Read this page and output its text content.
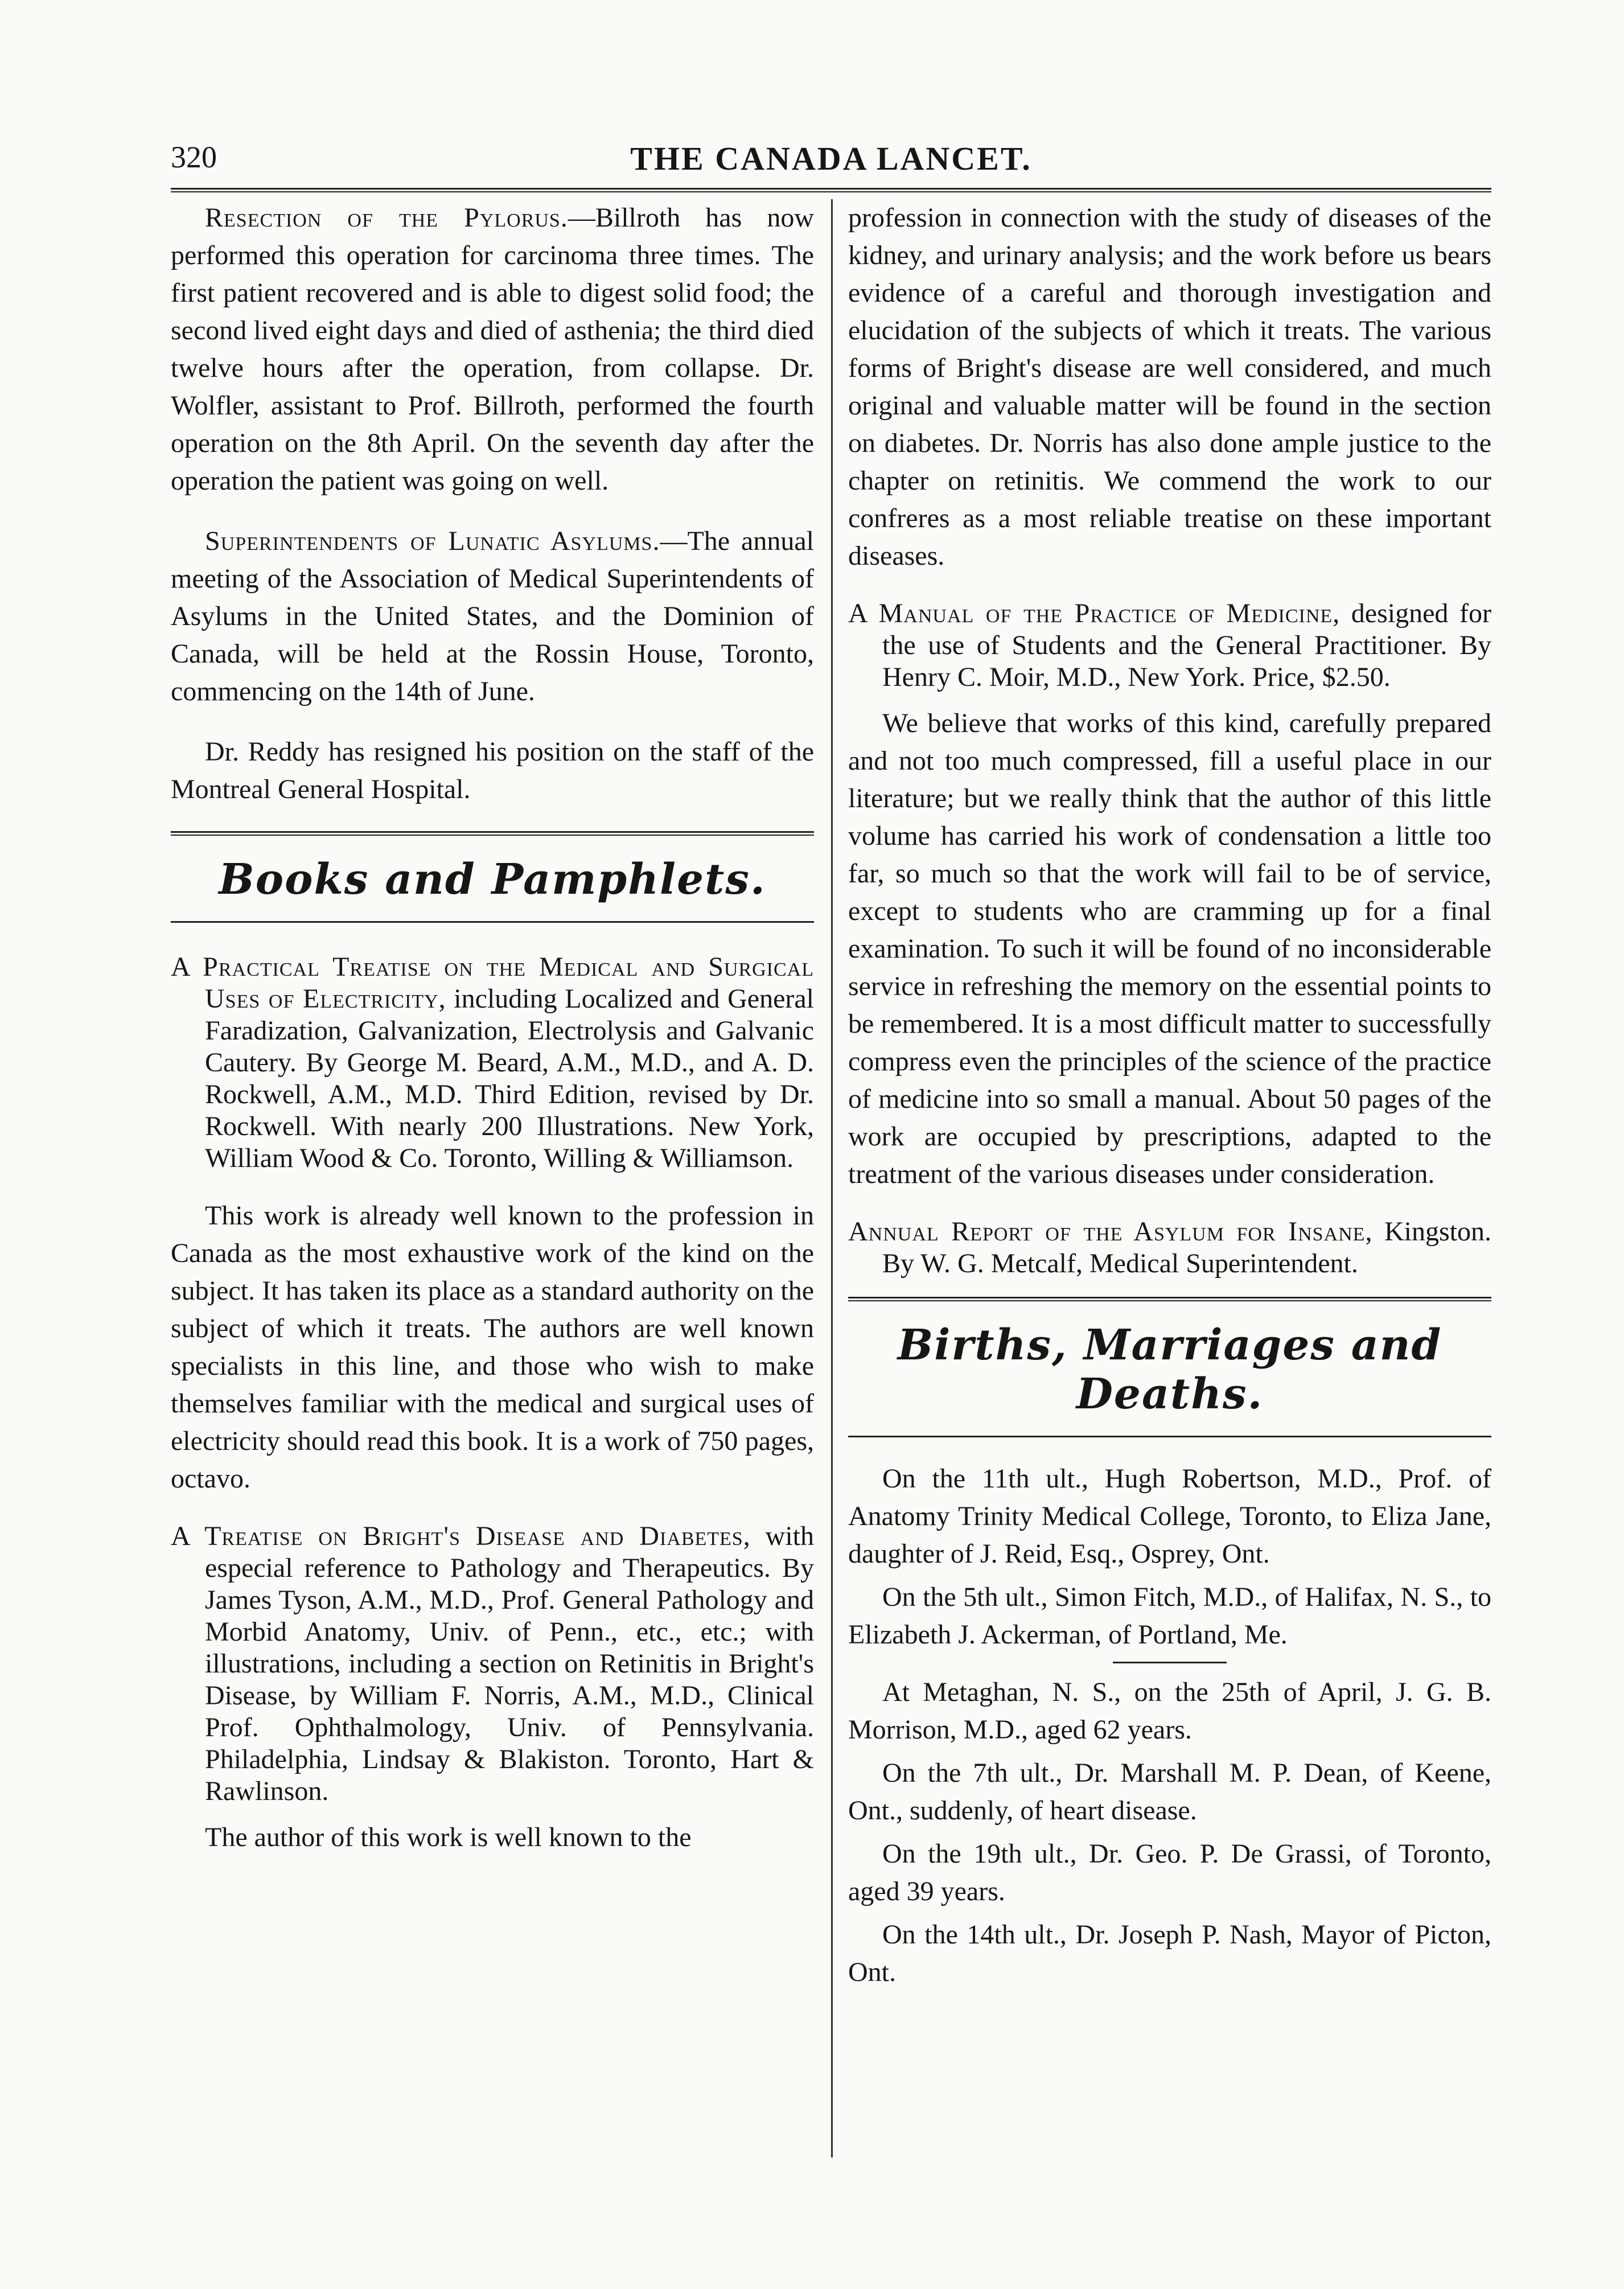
320	THE CANADA LANCET.

Resection of the Pylorus.—Billroth has now performed this operation for carcinoma three times. The first patient recovered and is able to digest solid food; the second lived eight days and died of asthenia; the third died twelve hours after the operation, from collapse. Dr. Wolfler, assistant to Prof. Billroth, performed the fourth operation on the 8th April. On the seventh day after the operation the patient was going on well.

Superintendents of Lunatic Asylums.—The annual meeting of the Association of Medical Superintendents of Asylums in the United States, and the Dominion of Canada, will be held at the Rossin House, Toronto, commencing on the 14th of June.

Dr. Reddy has resigned his position on the staff of the Montreal General Hospital.

Books and Pamphlets.

A Practical Treatise on the Medical and Surgical Uses of Electricity, including Localized and General Faradization, Galvanization, Electrolysis and Galvanic Cautery. By George M. Beard, A.M., M.D., and A. D. Rockwell, A.M., M.D. Third Edition, revised by Dr. Rockwell. With nearly 200 Illustrations. New York, William Wood & Co. Toronto, Willing & Williamson.

This work is already well known to the profession in Canada as the most exhaustive work of the kind on the subject. It has taken its place as a standard authority on the subject of which it treats. The authors are well known specialists in this line, and those who wish to make themselves familiar with the medical and surgical uses of electricity should read this book. It is a work of 750 pages, octavo.

A Treatise on Bright's Disease and Diabetes, with especial reference to Pathology and Therapeutics. By James Tyson, A.M., M.D., Prof. General Pathology and Morbid Anatomy, Univ. of Penn., etc., etc.; with illustrations, including a section on Retinitis in Bright's Disease, by William F. Norris, A.M., M.D., Clinical Prof. Ophthalmology, Univ. of Pennsylvania. Philadelphia, Lindsay & Blakiston. Toronto, Hart & Rawlinson.

The author of this work is well known to the

profession in connection with the study of diseases of the kidney, and urinary analysis; and the work before us bears evidence of a careful and thorough investigation and elucidation of the subjects of which it treats. The various forms of Bright's disease are well considered, and much original and valuable matter will be found in the section on diabetes. Dr. Norris has also done ample justice to the chapter on retinitis. We commend the work to our confreres as a most reliable treatise on these important diseases.

A Manual of the Practice of Medicine, designed for the use of Students and the General Practitioner. By Henry C. Moir, M.D., New York. Price, $2.50.

We believe that works of this kind, carefully prepared and not too much compressed, fill a useful place in our literature; but we really think that the author of this little volume has carried his work of condensation a little too far, so much so that the work will fail to be of service, except to students who are cramming up for a final examination. To such it will be found of no inconsiderable service in refreshing the memory on the essential points to be remembered. It is a most difficult matter to successfully compress even the principles of the science of the practice of medicine into so small a manual. About 50 pages of the work are occupied by prescriptions, adapted to the treatment of the various diseases under consideration.

Annual Report of the Asylum for Insane, Kingston. By W. G. Metcalf, Medical Superintendent.

Births, Marriages and Deaths.

On the 11th ult., Hugh Robertson, M.D., Prof. of Anatomy Trinity Medical College, Toronto, to Eliza Jane, daughter of J. Reid, Esq., Osprey, Ont.

On the 5th ult., Simon Fitch, M.D., of Halifax, N. S., to Elizabeth J. Ackerman, of Portland, Me.

At Metaghan, N. S., on the 25th of April, J. G. B. Morrison, M.D., aged 62 years.

On the 7th ult., Dr. Marshall M. P. Dean, of Keene, Ont., suddenly, of heart disease.

On the 19th ult., Dr. Geo. P. De Grassi, of Toronto, aged 39 years.

On the 14th ult., Dr. Joseph P. Nash, Mayor of Picton, Ont.
